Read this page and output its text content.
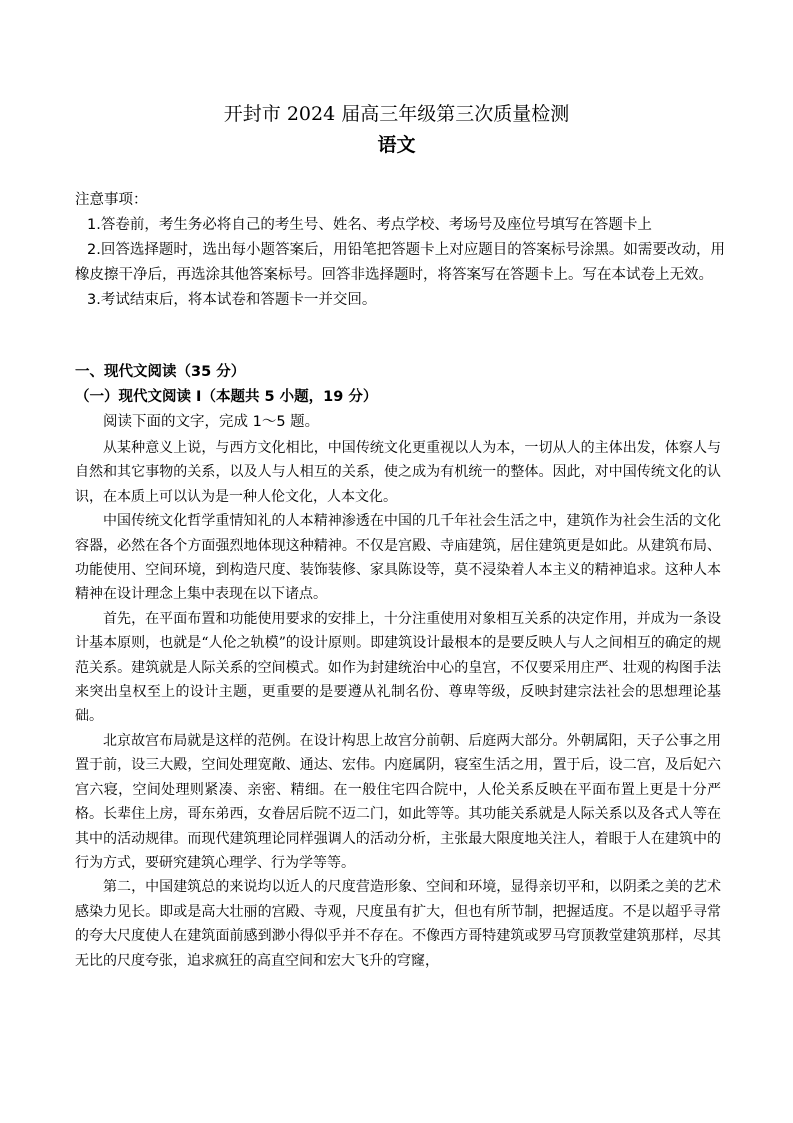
开封市 2024 届高三年级第三次质量检测
语文

注意事项：

1.答卷前，考生务必将自己的考生号、姓名、考点学校、考场号及座位号填写在答题卡上

2.回答选择题时，选出每小题答案后，用铅笔把答题卡上对应题目的答案标号涂黑。如需要改动，用橡皮擦干净后，再选涂其他答案标号。回答非选择题时，将答案写在答题卡上。写在本试卷上无效。

3.考试结束后，将本试卷和答题卡一并交回。

一、现代文阅读（35 分）
（一）现代文阅读 I（本题共 5 小题，19 分）
阅读下面的文字，完成 1～5 题。

从某种意义上说，与西方文化相比，中国传统文化更重视以人为本，一切从人的主体出发，体察人与自然和其它事物的关系，以及人与人相互的关系，使之成为有机统一的整体。因此，对中国传统文化的认识，在本质上可以认为是一种人伦文化，人本文化。

中国传统文化哲学重情知礼的人本精神渗透在中国的几千年社会生活之中，建筑作为社会生活的文化容器，必然在各个方面强烈地体现这种精神。不仅是宫殿、寺庙建筑，居住建筑更是如此。从建筑布局、功能使用、空间环境，到构造尺度、装饰装修、家具陈设等，莫不浸染着人本主义的精神追求。这种人本精神在设计理念上集中表现在以下诸点。

首先，在平面布置和功能使用要求的安排上，十分注重使用对象相互关系的决定作用，并成为一条设计基本原则，也就是“人伦之轨模”的设计原则。即建筑设计最根本的是要反映人与人之间相互的确定的规范关系。建筑就是人际关系的空间模式。如作为封建统治中心的皇宫，不仅要采用庄严、壮观的构图手法来突出皇权至上的设计主题，更重要的是要遵从礼制名份、尊卑等级，反映封建宗法社会的思想理论基础。

北京故宫布局就是这样的范例。在设计构思上故宫分前朝、后庭两大部分。外朝属阳，天子公事之用置于前，设三大殿，空间处理宽敞、通达、宏伟。内庭属阴，寝室生活之用，置于后，设二宫，及后妃六宫六寝，空间处理则紧凑、亲密、精细。在一般住宅四合院中，人伦关系反映在平面布置上更是十分严格。长辈住上房，哥东弟西，女眷居后院不迈二门，如此等等。其功能关系就是人际关系以及各式人等在其中的活动规律。而现代建筑理论同样强调人的活动分析，主张最大限度地关注人，着眼于人在建筑中的行为方式，要研究建筑心理学、行为学等等。

第二，中国建筑总的来说均以近人的尺度营造形象、空间和环境，显得亲切平和，以阴柔之美的艺术感染力见长。即或是高大壮丽的宫殿、寺观，尺度虽有扩大，但也有所节制，把握适度。不是以超乎寻常的夸大尺度使人在建筑面前感到渺小得似乎并不存在。不像西方哥特建筑或罗马穹顶教堂建筑那样，尽其无比的尺度夸张，追求疯狂的高直空间和宏大飞升的穹窿，
